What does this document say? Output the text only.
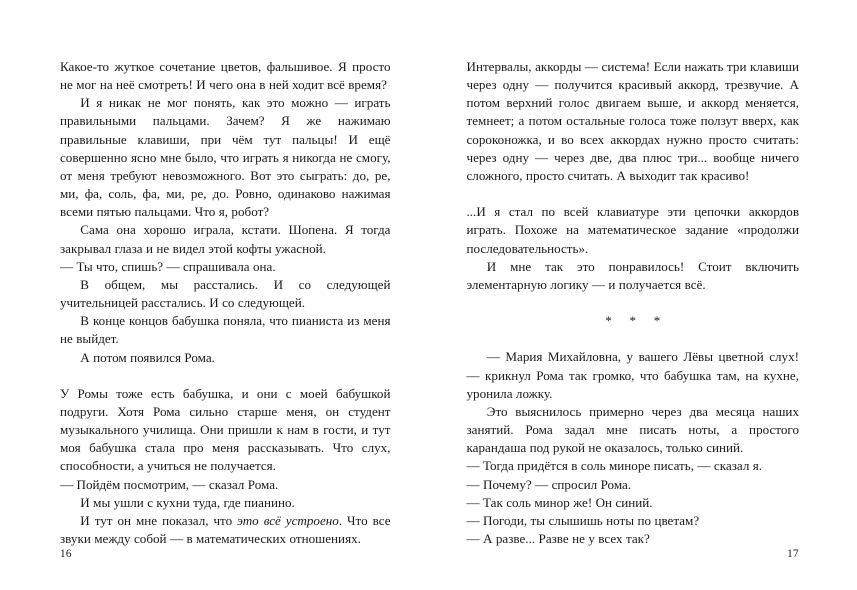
Какое-то жуткое сочетание цветов, фальшивое. Я просто не мог на неё смотреть! И чего она в ней ходит всё время?

И я никак не мог понять, как это можно — играть правильными пальцами. Зачем? Я же нажимаю правильные клавиши, при чём тут пальцы! И ещё совершенно ясно мне было, что играть я никогда не смогу, от меня требуют невозможного. Вот это сыграть: до, ре, ми, фа, соль, фа, ми, ре, до. Ровно, одинаково нажимая всеми пятью пальцами. Что я, робот?

Сама она хорошо играла, кстати. Шопена. Я тогда закрывал глаза и не видел этой кофты ужасной.

— Ты что, спишь? — спрашивала она.

В общем, мы расстались. И со следующей учительницей расстались. И со следующей.

В конце концов бабушка поняла, что пианиста из меня не выйдет.

А потом появился Рома.

У Ромы тоже есть бабушка, и они с моей бабушкой подруги. Хотя Рома сильно старше меня, он студент музыкального училища. Они пришли к нам в гости, и тут моя бабушка стала про меня рассказывать. Что слух, способности, а учиться не получается.

— Пойдём посмотрим, — сказал Рома.

И мы ушли с кухни туда, где пианино.

И тут он мне показал, что это всё устроено. Что все звуки между собой — в математических отношениях.

16

Интервалы, аккорды — система! Если нажать три клавиши через одну — получится красивый аккорд, трезвучие. А потом верхний голос двигаем выше, и аккорд меняется, темнеет; а потом остальные голоса тоже ползут вверх, как сороконожка, и во всех аккордах нужно просто считать: через одну — через две, два плюс три... вообще ничего сложного, просто считать. А выходит так красиво!

...И я стал по всей клавиатуре эти цепочки аккордов играть. Похоже на математическое задание «продолжи последовательность».

И мне так это понравилось! Стоит включить элементарную логику — и получается всё.

* * *

— Мария Михайловна, у вашего Лёвы цветной слух! — крикнул Рома так громко, что бабушка там, на кухне, уронила ложку.

Это выяснилось примерно через два месяца наших занятий. Рома задал мне писать ноты, а простого карандаша под рукой не оказалось, только синий.

— Тогда придётся в соль миноре писать, — сказал я.

— Почему? — спросил Рома.

— Так соль минор же! Он синий.

— Погоди, ты слышишь ноты по цветам?

— А разве... Разве не у всех так?

17
